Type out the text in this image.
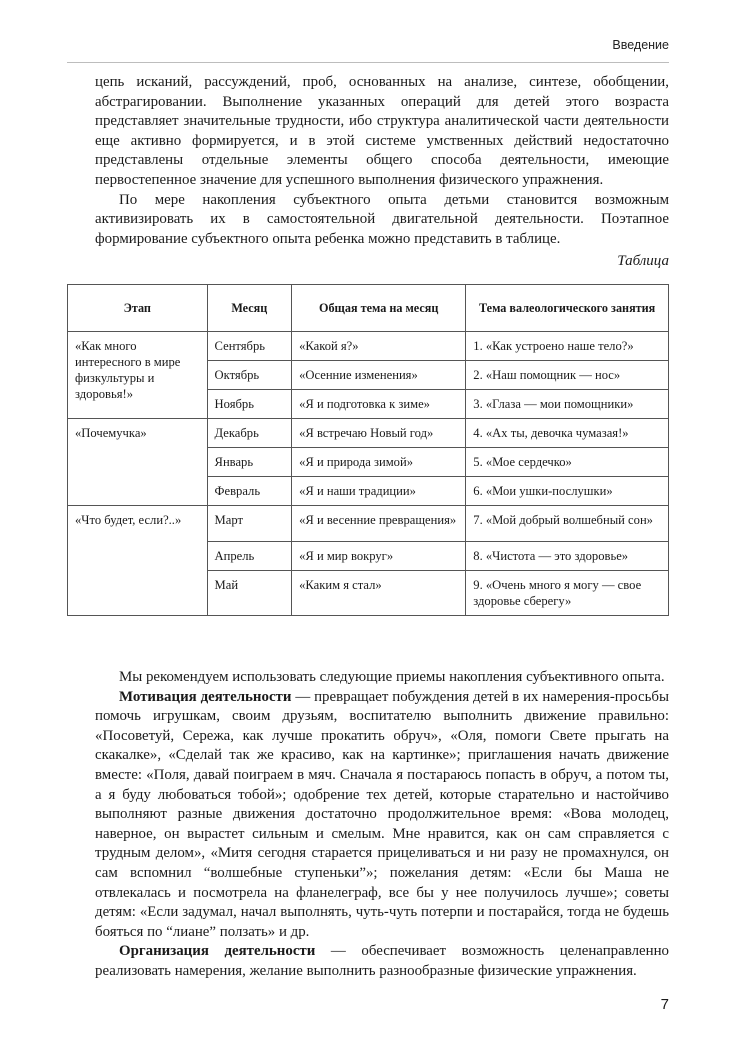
Введение

цепь исканий, рассуждений, проб, основанных на анализе, синтезе, обобщении, абстрагировании. Выполнение указанных операций для детей этого возраста представляет значительные трудности, ибо структура аналитической части деятельности еще активно формируется, и в этой системе умственных действий недостаточно представлены отдельные элементы общего способа деятельности, имеющие первостепенное значение для успешного выполнения физического упражнения.

По мере накопления субъектного опыта детьми становится возможным активизировать их в самостоятельной двигательной деятельности. Поэтапное формирование субъектного опыта ребенка можно представить в таблице.

Таблица
Этап	Месяц	Общая тема на месяц	Тема валеологического занятия
«Как много интересного в мире физкультуры и здоровья!»	Сентябрь	«Какой я?»	1. «Как устроено наше тело?»
	Октябрь	«Осенние изменения»	2. «Наш помощник — нос»
	Ноябрь	«Я и подготовка к зиме»	3. «Глаза — мои помощники»
«Почемучка»	Декабрь	«Я встречаю Новый год»	4. «Ах ты, девочка чумазая!»
	Январь	«Я и природа зимой»	5. «Мое сердечко»
	Февраль	«Я и наши традиции»	6. «Мои ушки-послушки»
«Что будет, если?..»	Март	«Я и весенние превращения»	7. «Мой добрый волшебный сон»
	Апрель	«Я и мир вокруг»	8. «Чистота — это здоровье»
	Май	«Каким я стал»	9. «Очень много я могу — свое здоровье сберегу»

Мы рекомендуем использовать следующие приемы накопления субъективного опыта.

Мотивация деятельности — превращает побуждения детей в их намерения-просьбы помочь игрушкам, своим друзьям, воспитателю выполнить движение правильно: «Посоветуй, Сережа, как лучше прокатить обруч», «Оля, помоги Свете прыгать на скакалке», «Сделай так же красиво, как на картинке»; приглашения начать движение вместе: «Поля, давай поиграем в мяч. Сначала я постараюсь попасть в обруч, а потом ты, а я буду любоваться тобой»; одобрение тех детей, которые старательно и настойчиво выполняют разные движения достаточно продолжительное время: «Вова молодец, наверное, он вырастет сильным и смелым. Мне нравится, как он сам справляется с трудным делом», «Митя сегодня старается прицеливаться и ни разу не промахнулся, он сам вспомнил “волшебные ступеньки”»; пожелания детям: «Если бы Маша не отвлекалась и посмотрела на фланелеграф, все бы у нее получилось лучше»; советы детям: «Если задумал, начал выполнять, чуть-чуть потерпи и постарайся, тогда не будешь бояться по “лиане” ползать» и др.

Организация деятельности — обеспечивает возможность целенаправленно реализовать намерения, желание выполнить разнообразные физические упражнения.

7
